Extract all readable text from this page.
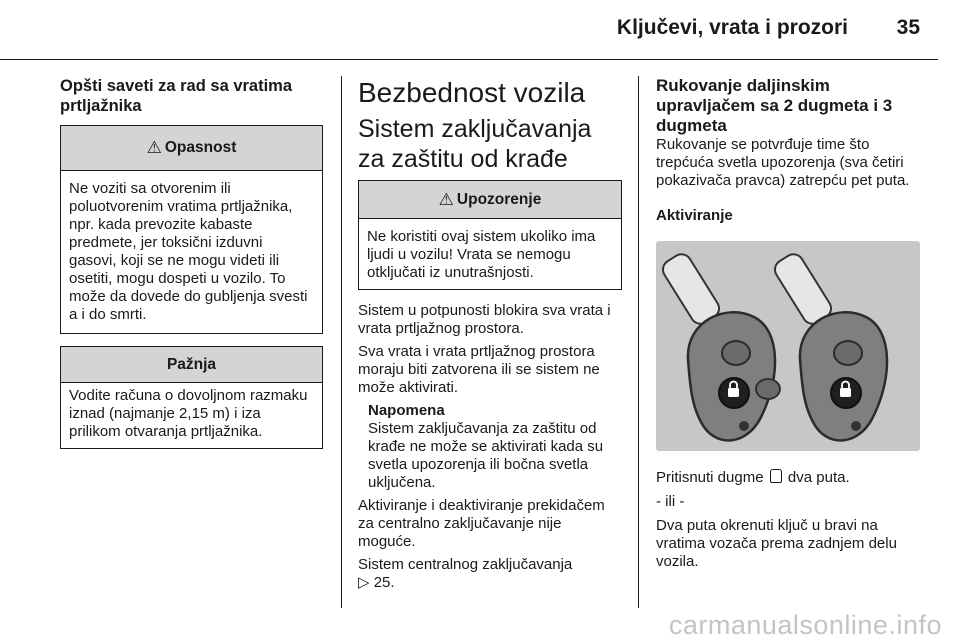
Ključevi, vrata i prozori 35
Opšti saveti za rad sa vratima prtljažnika
⚠ Opasnost
Ne voziti sa otvorenim ili poluotvorenim vratima prtljažnika, npr. kada prevozite kabaste predmete, jer toksični izduvni gasovi, koji se ne mogu videti ili osetiti, mogu dospeti u vozilo. To može da dovede do gubljenja svesti a i do smrti.
Pažnja
Vodite računa o dovoljnom razmaku iznad (najmanje 2,15 m) i iza prilikom otvaranja prtljažnika.
Bezbednost vozila
Sistem zaključavanja za zaštitu od krađe
⚠ Upozorenje
Ne koristiti ovaj sistem ukoliko ima ljudi u vozilu! Vrata se nemogu otključati iz unutrašnjosti.

Sistem u potpunosti blokira sva vrata i vrata prtljažnog prostora.

Sva vrata i vrata prtljažnog prostora moraju biti zatvorena ili se sistem ne može aktivirati.

Napomena

Sistem zaključavanja za zaštitu od krađe ne može se aktivirati kada su svetla upozorenja ili bočna svetla uključena.

Aktiviranje i deaktiviranje prekidačem za centralno zaključavanje nije moguće.

Sistem centralnog zaključavanja

▷ 25.

Rukovanje daljinskim upravljačem sa 2 dugmeta i 3 dugmeta

Rukovanje se potvrđuje time što trepćuća svetla upozorenja (sva četiri pokazivača pravca) zatrepću pet puta.

Aktiviranje

Pritisnuti dugme dva puta.

- ili -

Dva puta okrenuti ključ u bravi na vratima vozača prema zadnjem delu vozila.

carmanualsonline.info
